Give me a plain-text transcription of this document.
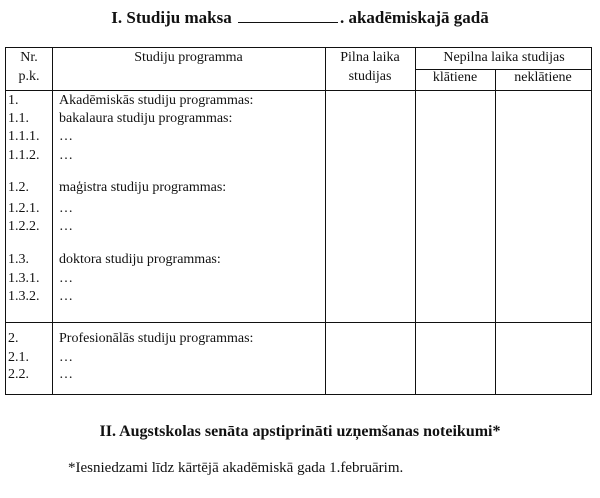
I. Studiju maksa	. akadēmiskajā gadā
Nr.
p.k.
Studiju programma	Pilna laika
studijas
Nepilna laika studijas
klātiene	neklātiene
1.	Akadēmiskās studiju programmas:
1.1. bakalaura studiju programmas:
1.1.1. …
1.1.2. …
1.2. maģistra studiju programmas:
1.2.1. …
1.2.2. …
1.3. doktora studiju programmas:
1.3.1. …
1.3.2. …
2.	Profesionālās studiju programmas:
2.1. …
2.2. …
II. Augstskolas senāta apstiprināti uzņemšanas noteikumi*
*Iesniedzami līdz kārtējā akadēmiskā gada 1.februārim.
